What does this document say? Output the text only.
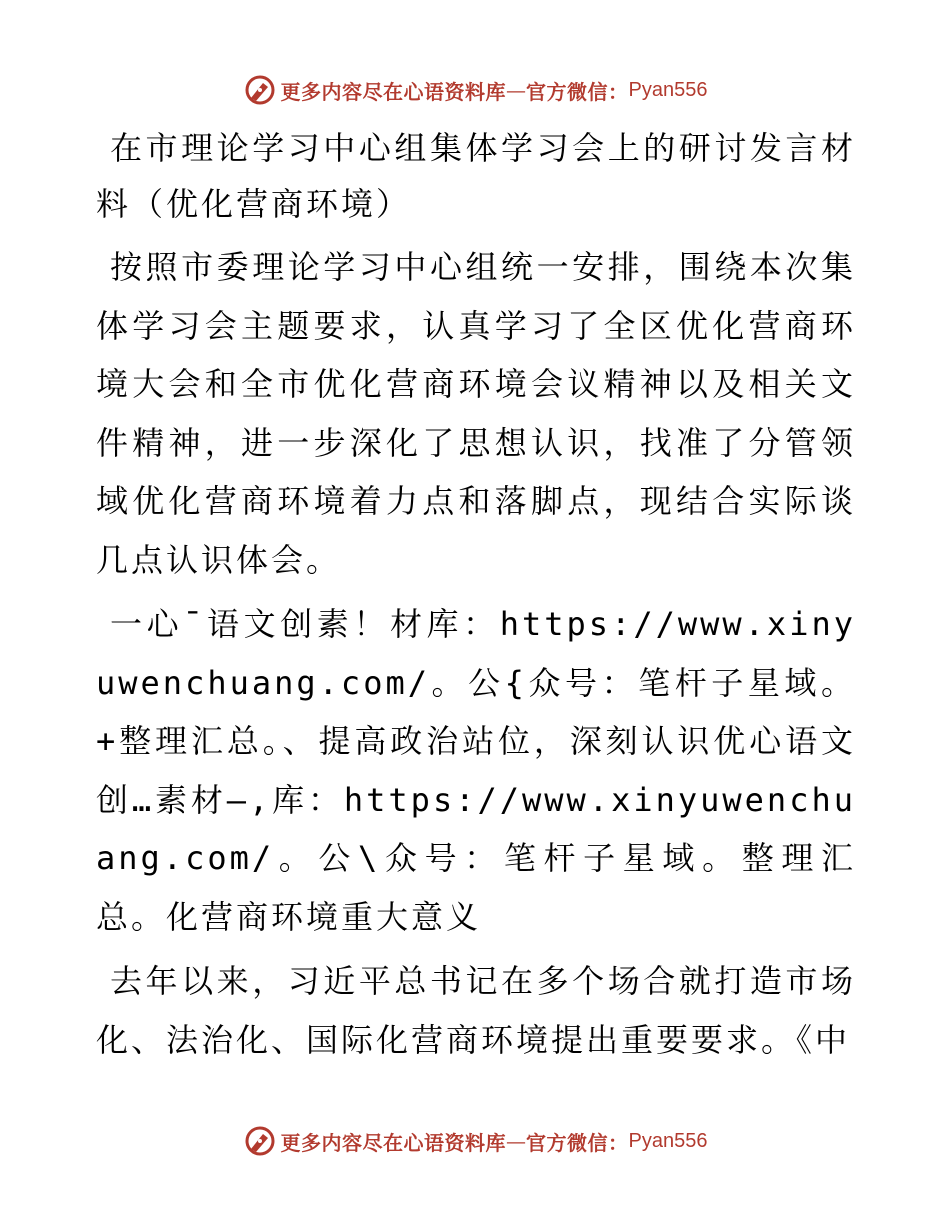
更多内容尽在心语资料库 — 官方微信： Pyan556

在市理论学习中心组集体学习会上的研讨发言材料（优化营商环境）

按照市委理论学习中心组统一安排，围绕本次集体学习会主题要求，认真学习了全区优化营商环境大会和全市优化营商环境会议精神以及相关文件精神，进一步深化了思想认识，找准了分管领域优化营商环境着力点和落脚点，现结合实际谈几点认识体会。

一心¯语文创素！材库：https://www.xinyuwenchuang.com/。公{众号：笔杆子星域。+整理汇总。、提高政治站位，深刻认识优心语文创…素材—,库：https://www.xinyuwenchuang.com/。公\众号：笔杆子星域。整理汇总。化营商环境重大意义

去年以来，习近平总书记在多个场合就打造市场化、法治化、国际化营商环境提出重要要求。《中

更多内容尽在心语资料库 — 官方微信： Pyan556
